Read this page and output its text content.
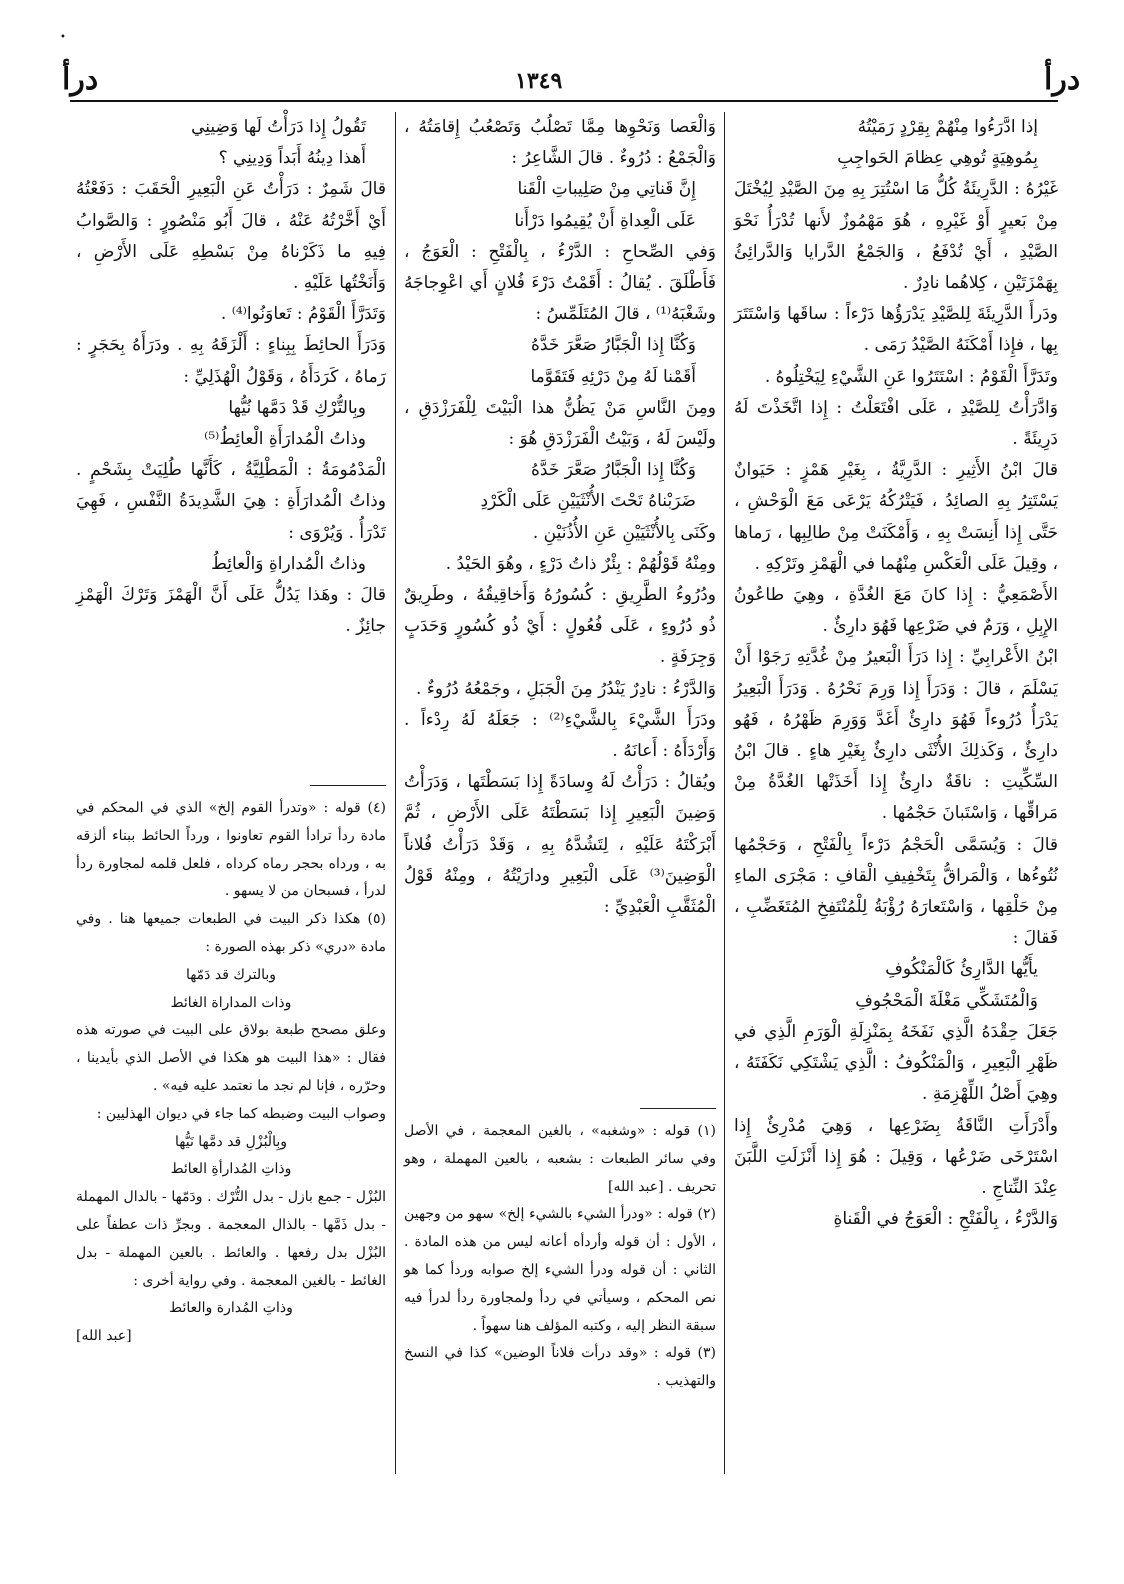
•
درأ
١٣٤٩
درأ

إذا ادَّرَءُوا مِنْهُمْ بِقِرْدٍ رَمَيْتُهُ

بِمُوهِيَةٍ تُوهِي عِظامَ الحَواجِبِ

غَيْرُهُ : الدَّرِيئَةُ كُلُّ مَا اسْتُتِرَ بِهِ مِنَ الصَّيْدِ لِيُخْتَلَ مِنْ بَعيرٍ أَوْ غَيْرِهِ ، هُوَ مَهْمُوزٌ لأَنها تُدْرَأُ نَحْوَ الصَّيْدِ ، أَيْ تُدْفَعُ ، وَالجَمْعُ الدَّرايا وَالدَّرائِئُ بِهَمْزَتَيْنِ ، كِلاهُما نادِرٌ .

ودَرأَ الدَّرِيئَةَ لِلصَّيْدِ يَدْرَؤُها دَرْءاً : ساقَها وَاسْتَتَرَ بِها ، فإِذا أَمْكَنَهُ الصَّيْدُ رَمَى .

وتَدَرَّأَ الْقَوْمُ : اسْتَتَرُوا عَنِ الشَّيْءِ لِيَخْتِلُوهُ .

وَادَّرَأْتُ لِلصَّيْدِ ، عَلَى افْتَعَلْتُ : إِذا اتَّخَذْتَ لَهُ دَرِيئَةً .

قالَ ابْنُ الأَثِيرِ : الدَّرِيَّةُ ، بِغَيْرِ هَمْزٍ : حَيَوانٌ يَسْتَتِرُ بِهِ الصائِدُ ، فَيَتْرُكُهُ يَرْعَى مَعَ الْوَحْشِ ، حَتَّى إِذا أَنِسَتْ بِهِ ، وَأَمْكَنَتْ مِنْ طالِبِها ، رَماها ، وقِيلَ عَلَى الْعَكْسِ مِنْهُما في الْهَمْزِ وتَرْكِهِ .

الأَصْمَعِيُّ : إِذا كانَ مَعَ الغُدَّةِ ، وهِيَ طاعُونُ الإِبِلِ ، وَرَمٌ في ضَرْعِها فَهُوَ دارِئٌ .

ابْنُ الأَعْرابِيِّ : إِذا دَرَأَ الْبَعيرُ مِنْ غُدَّتِهِ رَجَوْا أَنْ يَسْلَمَ ، قالَ : وَدَرَأَ إِذا وَرِمَ نَحْرُهُ . وَدَرَأَ الْبَعِيرُ يَدْرَأُ دُرُوءاً فَهُوَ دارِئٌ أَغَدَّ وَوَرِمَ ظَهْرُهُ ، فَهُو دارِئٌ ، وَكَذلِكَ الأُنْثَى دارِئٌ بِغَيْرِ هاءٍ . قالَ ابْنُ السِّكِّيتِ : ناقَةٌ دارِئٌ إِذا أَخَذَتْها الغُدَّةُ مِنْ مَراقِّها ، وَاسْتَبانَ حَجْمُها .

قالَ : وَيُسَمَّى الْحَجْمُ دَرْءاً بِالْفَتْحِ ، وَحَجْمُها نُتُوءُها ، وَالْمَراقُّ بِتَخْفِيفِ الْقافِ : مَجْرَى الماءِ مِنْ حَلْقِها ، وَاسْتَعارَهُ رُؤْبَةُ لِلْمُنْتَفِخِ المُتَغَضِّبِ ، فَقالَ :

يأَيُّها الدَّارِئُ كَالْمَنْكُوفِ

وَالْمُتَشَكِّي مَغْلَةَ الْمَحْجُوفِ

جَعَلَ حِقْدَهُ الَّذِي نَفَخَهُ بِمَنْزِلَةِ الْوَرَمِ الَّذِي في ظَهْرِ الْبَعِيرِ ، وَالْمَنْكُوفُ : الَّذِي يَشْتَكِي نَكَفَتَهُ ، وهِيَ أَصْلُ اللِّهْزِمَةِ .

وأَدْرَأَتِ النَّاقَةُ بِضَرْعِها ، وَهِيَ مُدْرِئٌ إِذا اسْتَرْخَى ضَرْعُها ، وَقِيلَ : هُوَ إِذا أَنْزَلَتِ اللَّبَنَ عِنْدَ النِّتاجِ .

وَالدَّرْءُ ، بِالْفَتْحِ : الْعَوَجُ في الْقَناةِ

وَالْعَصا وَنَحْوِها مِمَّا تَصْلُبُ وَتَصْعُبُ إِقامَتُهُ ، وَالْجَمْعُ : دُرُوءٌ . قالَ الشَّاعِرُ :

إِنَّ قَناتِي مِنْ صَلِيباتِ الْقَنا

عَلَى الْعِداةِ أَنْ يُقِيمُوا دَرْأَنا

وَفي الصِّحاحِ : الدَّرْءُ ، بِالْفَتْحِ : الْعَوَجُ ، فَأَطْلَقَ . يُقالُ : أَقَمْتُ دَرْءَ فُلانٍ أَي اعْوِجاجَهُ وشَغْبَهُ⁽¹⁾ ، قالَ المُتَلَمِّسُ :

وَكُنَّا إِذا الْجَبَّارُ صَعَّرَ خَدَّهُ

أَقَمْنا لَهُ مِنْ دَرْئِهِ فَتَقَوَّما

ومِنَ النَّاسِ مَنْ يَظُنُّ هذا الْبَيْتَ لِلْفَرَزْدَقِ ، ولَيْسَ لَهُ ، وَبَيْتُ الْفَرَزْدَقِ هُوَ :

وَكُنَّا إِذا الْجَبَّارُ صَعَّرَ خَدَّهُ

ضَرَبْناهُ تَحْتَ الأُنْثَيَيْنِ عَلَى الْكَرْدِ

وكَنَى بِالأُنْثَيَيْنِ عَنِ الأُذُنَيْنِ .

ومِنْهُ قَوْلُهُمْ : بِئْرٌ ذاتُ دَرْءٍ ، وهُوَ الحَيْدُ .

ودُرُوءُ الطَّرِيقِ : كُسُورُهُ وَأَخاقِيقُهُ ، وطَرِيقٌ ذُو دُرُوءٍ ، عَلَى فُعُولٍ : أَيْ ذُو كُسُورٍ وَحَدَبٍ وَجِرَفَةٍ .

وَالدَّرْءُ : نادِرٌ يَنْدُرُ مِنَ الْجَبَلِ ، وجَمْعُهُ دُرُوءٌ .

ودَرَأَ الشَّيْءَ بِالشَّيْءِ⁽²⁾ : جَعَلَهُ لَهُ رِدْءاً . وَأَرْدَأَهُ : أَعانَهُ .

ويُقالُ : دَرَأْتُ لَهُ وِسادَةً إِذا بَسَطْتَها ، وَدَرَأْتُ وَضِينَ الْبَعِيرِ إِذا بَسَطْتَهُ عَلَى الأَرْضِ ، ثُمَّ أَبْرَكْتَهُ عَلَيْهِ ، لِتَشُدَّهُ بِهِ ، وَقَدْ دَرَأْتُ فُلاناً الْوَضِينَ⁽³⁾ عَلَى الْبَعِيرِ ودارَيْتُهُ ، ومِنْهُ قَوْلُ الْمُثَقَّبِ الْعَبْدِيِّ :

(١) قوله : «وشغبه» ، بالغين المعجمة ، في الأصل وفي سائر الطبعات : بشعبه ، بالعين المهملة ، وهو تحريف . [عبد الله]

(٢) قوله : «ودرأ الشيء بالشيء إلخ» سهو من وجهين ، الأول : أن قوله وأردأه أعانه ليس من هذه المادة . الثاني : أن قوله ودرأ الشيء إلخ صوابه وردأ كما هو نص المحكم ، وسيأتي في ردأ ولمجاورة ردأ لدرأ فيه سبقة النظر إليه ، وكتبه المؤلف هنا سهواً .

(٣) قوله : «وقد درأت فلاناً الوضين» كذا في النسخ والتهذيب .

تَقُولُ إِذا دَرَأْتُ لَها وَضِينِي

أَهذا دِينُهُ أَبَداً وَدِينِي ؟

قالَ شَمِرٌ : دَرَأْتُ عَنِ الْبَعِيرِ الْحَقَبَ : دَفَعْتُهُ أَيْ أَخَّرْتُهُ عَنْهُ ، قالَ أَبُو مَنْصُورٍ : وَالصَّوابُ فِيهِ ما ذَكَرْناهُ مِنْ بَسْطِهِ عَلَى الأَرْضِ ، وَأَنَخْتُها عَلَيْهِ .

وَتَدَرَّأَ الْقَوْمُ : تَعاوَنُوا⁽⁴⁾ .

وَدَرَأَ الحائِطَ بِبِناءٍ : أَلْزَقَهُ بِهِ . ودَرَأَهُ بِحَجَرٍ : رَماهُ ، كَرَدَأَهُ ، وَقَوْلُ الْهُذَلِيِّ :

وبِالتُّرْكِ قَدْ دَمَّها نُيُّها

وذاتُ الْمُدارَأَةِ الْعائِطُ⁽⁵⁾

الْمَدْمُومَةُ : الْمَطْلِيَّةُ ، كَأَنَّها طُلِيَتْ بِشَحْمٍ . وذاتُ الْمُدارَأَةِ : هِيَ الشَّدِيدَةُ النَّفْسِ ، فَهِيَ تَدْرَأُ . وَيُرْوَى :

وذاتُ الْمُداراةِ وَالْعائِطُ

قالَ : وهَذا يَدُلُّ عَلَى أَنَّ الْهَمْزَ وَتَرْكَ الْهَمْزِ جائِزٌ .

(٤) قوله : «وتدرأ القوم إلخ» الذي في المحكم في مادة ردأ ترادأ القوم تعاونوا ، ورداً الحائط ببناء ألزقه به ، ورداه بحجر رماه كرداه ، فلعل قلمه لمجاورة ردأ لدرأ ، فسبحان من لا يسهو .

(٥) هكذا ذكر البيت في الطبعات جميعها هنا . وفي مادة «دري» ذكر بهذه الصورة :

وبالترك قد دَمّها

وذات المداراة الغائط

وعلق مصحح طبعة بولاق على البيت في صورته هذه فقال : «هذا البيت هو هكذا في الأصل الذي بأيدينا ، وحرّره ، فإنا لم نجد ما نعتمد عليه فيه» .

وصواب البيت وضبطه كما جاء في ديوان الهذليين :

وبِالْبُزْلِ قد دمَّها نَيُّها

وذاتِ المُدارأةِ العائط

البُزْل - جمع بازل - بدل التُّرْك . ودَمّها - بالدال المهملة - بدل ذَمَّها - بالذال المعجمة . وبجرِّ ذات عطفاً على البُزْل بدل رفعها . والعائط . بالعين المهملة - بدل الغائط - بالغين المعجمة . وفي رواية أخرى :

وذاتِ المُدارة والعائط

[عبد الله]
